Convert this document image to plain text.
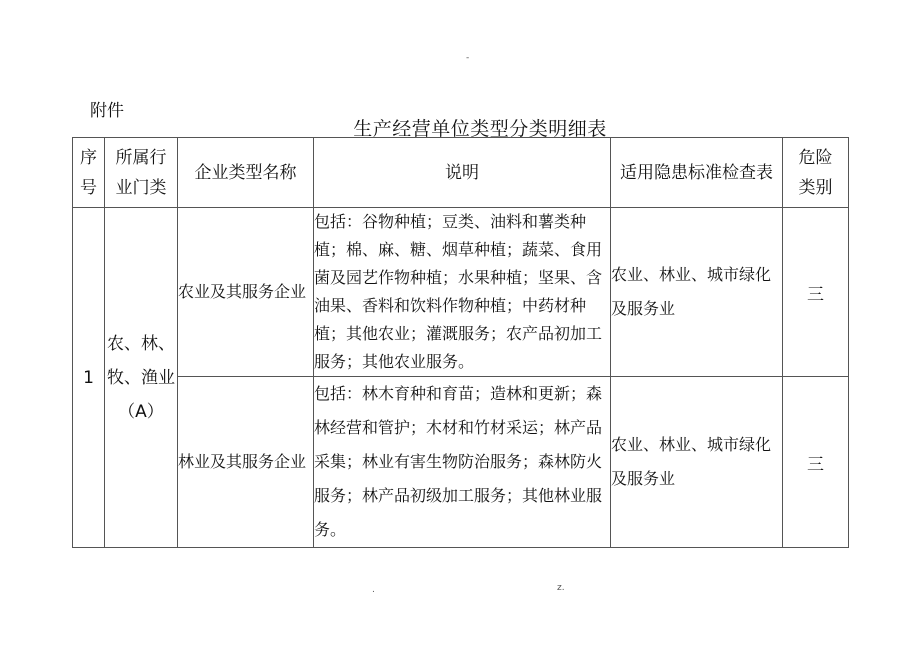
-
附件
生产经营单位类型分类明细表
序号	所属行业门类	企业类型名称	说明	适用隐患标准检查表	危险类别
1	农、林、牧、渔业（A）	农业及其服务企业	包括：谷物种植；豆类、油料和薯类种植；棉、麻、糖、烟草种植；蔬菜、食用菌及园艺作物种植；水果种植；坚果、含油果、香料和饮料作物种植；中药材种植；其他农业；灌溉服务；农产品初加工服务；其他农业服务。	农业、林业、城市绿化及服务业	三
		林业及其服务企业	包括：林木育种和育苗；造林和更新；森林经营和管护；木材和竹材采运；林产品采集；林业有害生物防治服务；森林防火服务；林产品初级加工服务；其他林业服务。	农业、林业、城市绿化及服务业	三
.	z.
